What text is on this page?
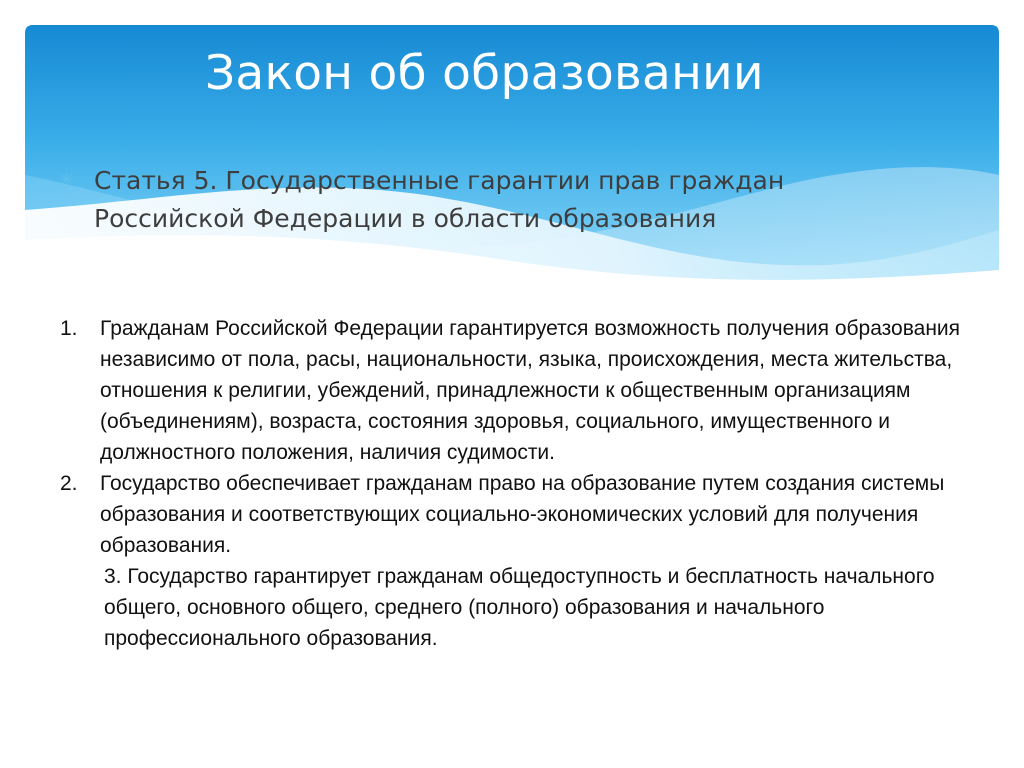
Закон об образовании
✳ Статья 5. Государственные гарантии прав граждан Российской Федерации в области образования
1. Гражданам Российской Федерации гарантируется возможность получения образования независимо от пола, расы, национальности, языка, происхождения, места жительства, отношения к религии, убеждений, принадлежности к общественным организациям (объединениям), возраста, состояния здоровья, социального, имущественного и должностного положения, наличия судимости.
2. Государство обеспечивает гражданам право на образование путем создания системы образования и соответствующих социально-экономических условий для получения образования.
3. Государство гарантирует гражданам общедоступность и бесплатность начального общего, основного общего, среднего (полного) образования и начального профессионального образования.
